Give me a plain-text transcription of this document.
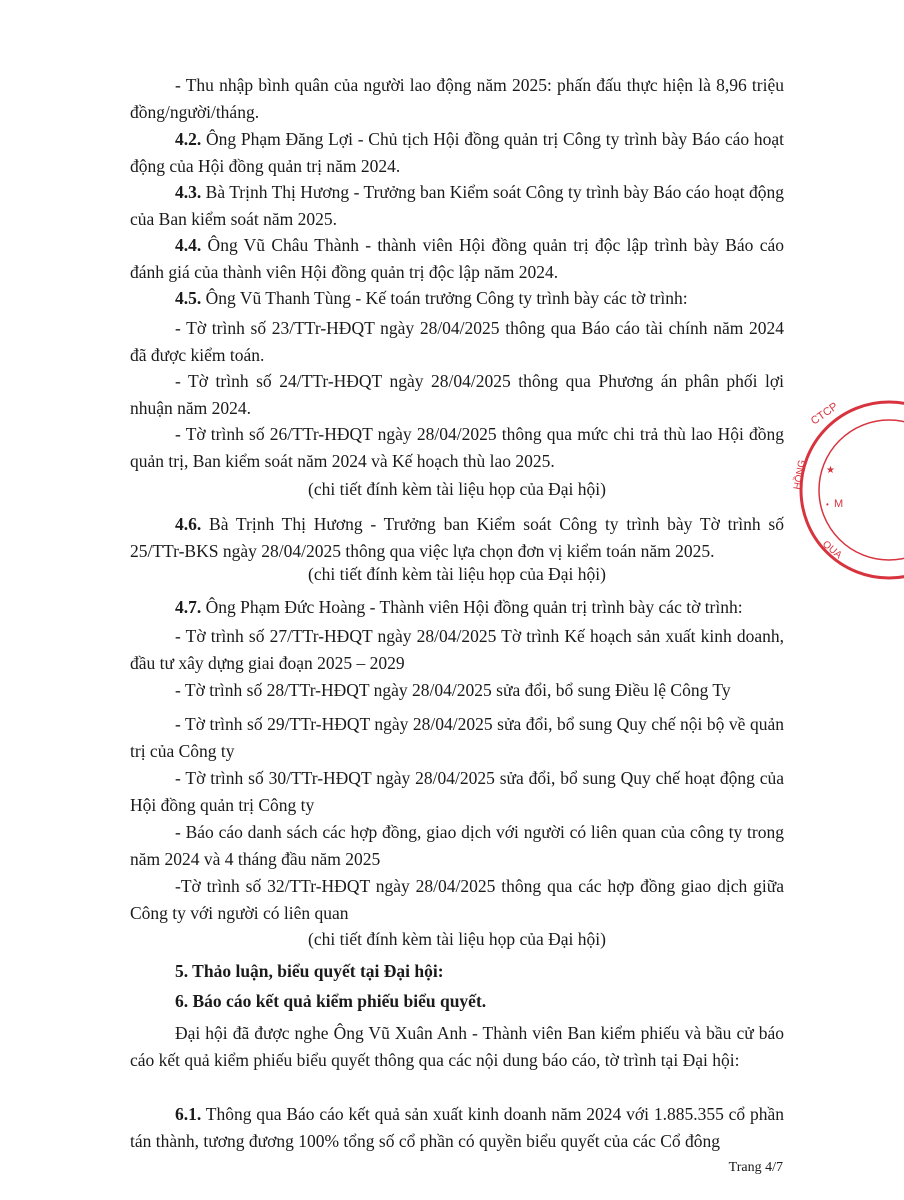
- Thu nhập bình quân của người lao động năm 2025: phấn đấu thực hiện là 8,96 triệu đồng/người/tháng.

4.2. Ông Phạm Đăng Lợi - Chủ tịch Hội đồng quản trị Công ty trình bày Báo cáo hoạt động của Hội đồng quản trị năm 2024.

4.3. Bà Trịnh Thị Hương - Trưởng ban Kiểm soát Công ty trình bày Báo cáo hoạt động của Ban kiểm soát năm 2025.

4.4. Ông Vũ Châu Thành - thành viên Hội đồng quản trị độc lập trình bày Báo cáo đánh giá của thành viên Hội đồng quản trị độc lập năm 2024.

4.5. Ông Vũ Thanh Tùng - Kế toán trưởng Công ty trình bày các tờ trình:

- Tờ trình số 23/TTr-HĐQT ngày 28/04/2025 thông qua Báo cáo tài chính năm 2024 đã được kiểm toán.

- Tờ trình số 24/TTr-HĐQT ngày 28/04/2025 thông qua Phương án phân phối lợi nhuận năm 2024.

- Tờ trình số 26/TTr-HĐQT ngày 28/04/2025 thông qua mức chi trả thù lao Hội đồng quản trị, Ban kiểm soát năm 2024 và Kế hoạch thù lao 2025.

(chi tiết đính kèm tài liệu họp của Đại hội)

4.6. Bà Trịnh Thị Hương - Trưởng ban Kiểm soát Công ty trình bày Tờ trình số 25/TTr-BKS ngày 28/04/2025 thông qua việc lựa chọn đơn vị kiểm toán năm 2025.

(chi tiết đính kèm tài liệu họp của Đại hội)

4.7. Ông Phạm Đức Hoàng - Thành viên Hội đồng quản trị trình bày các tờ trình:

- Tờ trình số 27/TTr-HĐQT ngày 28/04/2025 Tờ trình Kế hoạch sản xuất kinh doanh, đầu tư xây dựng giai đoạn 2025 – 2029

- Tờ trình số 28/TTr-HĐQT ngày 28/04/2025 sửa đổi, bổ sung Điều lệ Công Ty

- Tờ trình số 29/TTr-HĐQT ngày 28/04/2025 sửa đổi, bổ sung Quy chế nội bộ về quản trị của Công ty

- Tờ trình số 30/TTr-HĐQT ngày 28/04/2025 sửa đổi, bổ sung Quy chế hoạt động của Hội đồng quản trị Công ty

- Báo cáo danh sách các hợp đồng, giao dịch với người có liên quan của công ty trong năm 2024 và 4 tháng đầu năm 2025

-Tờ trình số 32/TTr-HĐQT ngày 28/04/2025 thông qua các hợp đồng giao dịch giữa Công ty với người có liên quan

(chi tiết đính kèm tài liệu họp của Đại hội)

5. Thảo luận, biểu quyết tại Đại hội:

6. Báo cáo kết quả kiểm phiếu biểu quyết.

Đại hội đã được nghe Ông Vũ Xuân Anh - Thành viên Ban kiểm phiếu và bầu cử báo cáo kết quả kiểm phiếu biểu quyết thông qua các nội dung báo cáo, tờ trình tại Đại hội:

6.1. Thông qua Báo cáo kết quả sản xuất kinh doanh năm 2024 với 1.885.355 cổ phần tán thành, tương đương 100% tổng số cổ phần có quyền biểu quyết của các Cổ đông

Trang 4/7
CTCP
HỒNG
QUA
M
★
•
